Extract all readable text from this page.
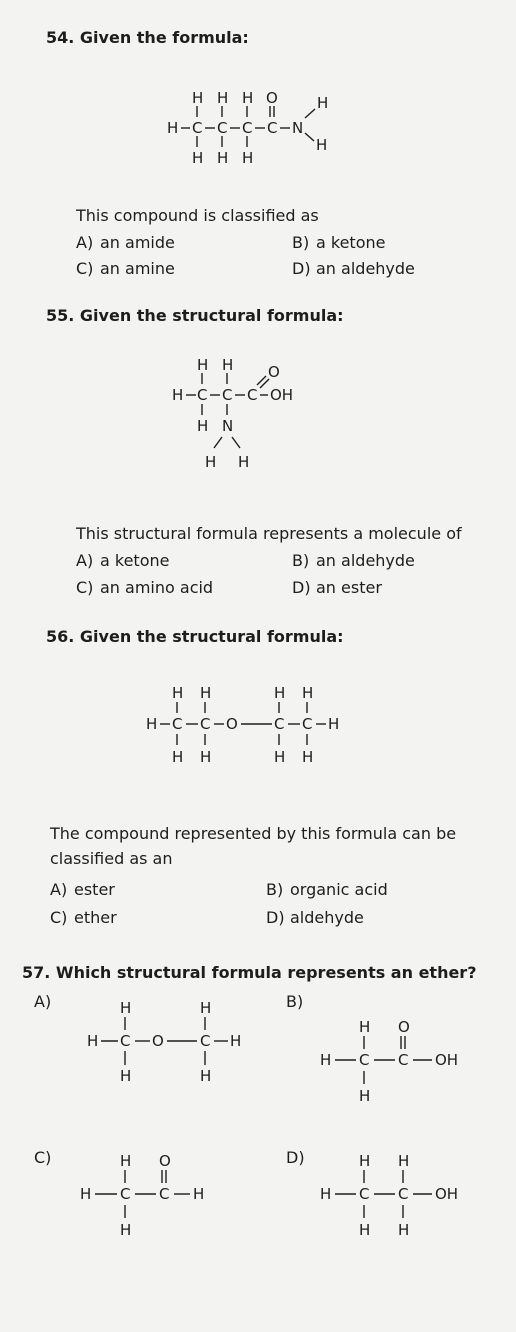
54. Given the formula:
H C C C C N
H H H
H H H
O	H
H
This compound is classified as
A) an amide	B) a ketone
C) an amine	D) an aldehyde
55. Given the structural formula:
H H
H C C C
O
OH
H N
H H
This structural formula represents a molecule of
A) a ketone	B) an aldehyde
C) an amino acid	D) an ester
56. Given the structural formula:
H H	H H
H C C O C C H
H H	H H
The compound represented by this formula can be
classified as an
A) ester	B) organic acid
C) ether	D) aldehyde
57. Which structural formula represents an ether?
A)	H	H
H C O C H
H	H
B)
H O
H C C OH
H
C)	H O
H C C H
H
D)	H H
H C C OH
H H
